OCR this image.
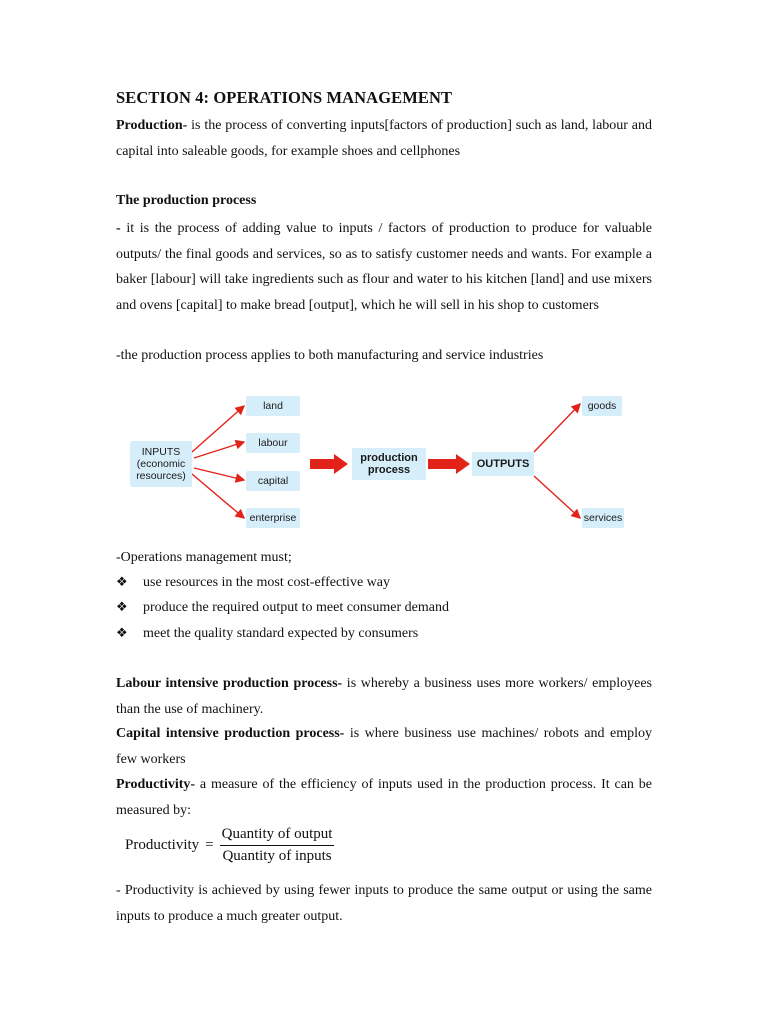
SECTION 4: OPERATIONS MANAGEMENT

Production- is the process of converting inputs[factors of production] such as land, labour and capital into saleable goods, for example shoes and cellphones

The production process

- it is the process of adding value to inputs / factors of production to produce for valuable outputs/ the final goods and services, so as to satisfy customer needs and wants. For example a baker [labour] will take ingredients such as flour and water to his kitchen [land] and use mixers and ovens [capital] to make bread [output], which he will sell in his shop to customers

-the production process applies to both manufacturing and service industries

INPUTS (economic resources)
land
labour
capital
enterprise
production process	OUTPUTS
goods
services

-Operations management must;

❖	use resources in the most cost-effective way
❖	produce the required output to meet consumer demand
❖	meet the quality standard expected by consumers

Labour intensive production process- is whereby a business uses more workers/ employees than the use of machinery.

Capital intensive production process- is where business use machines/ robots and employ few workers

Productivity- a measure of the efficiency of inputs used in the production process. It can be measured by:

- Productivity is achieved by using fewer inputs to produce the same output or using the same inputs to produce a much greater output.

Productivity = $\frac{\text{Quantity of output}}{\text{Quantity of inputs}}$
